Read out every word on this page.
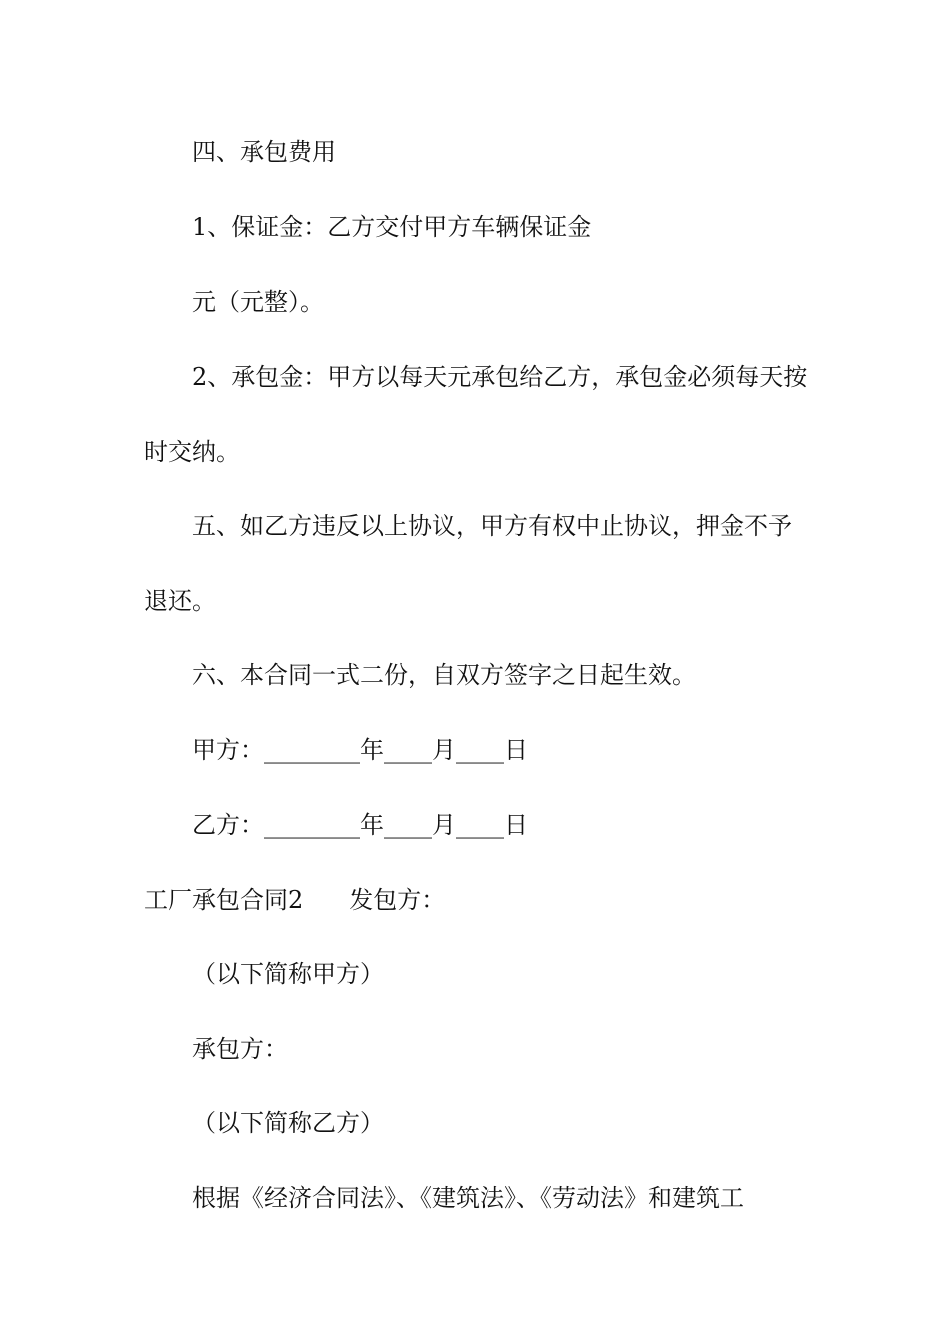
四、承包费用
1、保证金：乙方交付甲方车辆保证金
元（元整）。
2、承包金：甲方以每天元承包给乙方，承包金必须每天按
时交纳。
五、如乙方违反以上协议，甲方有权中止协议，押金不予
退还。
六、本合同一式二份，自双方签字之日起生效。
甲方：________年____月____日
乙方：________年____月____日
工厂承包合同2 发包方：
（以下简称甲方）
承包方：
（以下简称乙方）
根据《经济合同法》、《建筑法》、《劳动法》和建筑工
